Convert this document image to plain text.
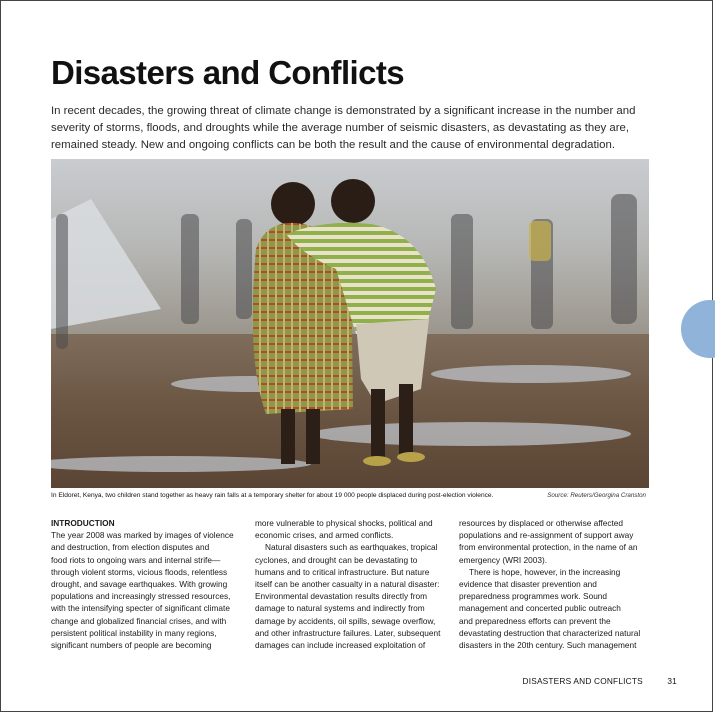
Disasters and Conflicts
In recent decades, the growing threat of climate change is demonstrated by a significant increase in the number and severity of storms, floods, and droughts while the average number of seismic disasters, as devastating as they are, remained steady. New and ongoing conflicts can be both the result and the cause of environmental degradation.
In Eldoret, Kenya, two children stand together as heavy rain falls at a temporary shelter for about 19 000 people displaced during post-election violence.	Source: Reuters/Georgina Cranston

INTRODUCTION

The year 2008 was marked by images of violence

and destruction, from election disputes and

food riots to ongoing wars and internal strife—

through violent storms, vicious floods, relentless

drought, and savage earthquakes. With growing

populations and increasingly stressed resources,

with the intensifying specter of significant climate

change and globalized financial crises, and with

persistent political instability in many regions,

significant numbers of people are becoming

more vulnerable to physical shocks, political and

economic crises, and armed conflicts.

Natural disasters such as earthquakes, tropical

cyclones, and drought can be devastating to

humans and to critical infrastructure. But nature

itself can be another casualty in a natural disaster:

Environmental devastation results directly from

damage to natural systems and indirectly from

damage by accidents, oil spills, sewage overflow,

and other infrastructure failures. Later, subsequent

damages can include increased exploitation of

resources by displaced or otherwise affected

populations and re-assignment of support away

from environmental protection, in the name of an

emergency (WRI 2003).

There is hope, however, in the increasing

evidence that disaster prevention and

preparedness programmes work. Sound

management and concerted public outreach

and preparedness efforts can prevent the

devastating destruction that characterized natural

disasters in the 20th century. Such management

DISASTERS AND CONFLICTS	31
